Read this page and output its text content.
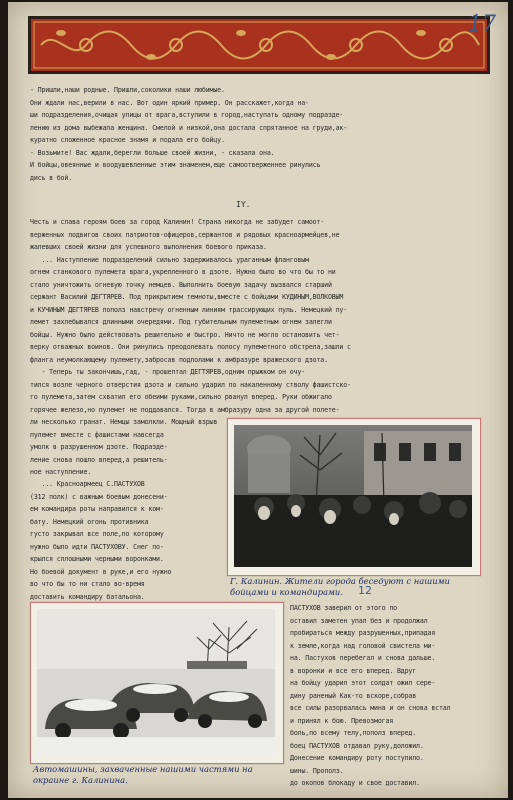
17
- Пришли,наши родные. Пришли,соколики наши любимые.
Они ждали нас,верили в нас. Вот один яркий пример. Он расскажет,когда на-
ши подразделения,очищая улицы от врага,вступили в город,наступать одному подразде-
лению из дома выбежала женщина. Смелой и низкой,она достала спрятанное на груди,ак-
куратно сложенное красное знамя и подала его бойцу.
- Возьмите! Вас ждали,берегли больше своей жизни, - сказала она.
И бойцы,овеянные и воодушевленные этим знаменем,еще самоотверженнее ринулись
дись в бой.
IY.
Честь и слава героям боев за город Калинин! Страна никогда не забудет самоот-
верженных подвигов своих патриотов-офицеров,сержантов и рядовых красноармейцев,не
жалевших своей жизни для успешного выполнения боевого приказа.
... Наступление подразделений сильно задерживалось ураганным фланговым
огнем станкового пулемета врага,укрепленного в дзоте. Нужно было во что бы то ни
стало уничтожить огневую точку немцев. Выполнить боевую задачу вызвался старший
сержант Василий ДЕГТЯРЕВ. Под прикрытием темноты,вместе с бойцами КУДИНЫМ,ВОЛКОВЫМ
и КУЧИНЫМ ДЕГТЯРЕВ пополз навстречу огненным линиям трассирующих пуль. Немецкий пу-
лемет захлебывался длинными очередями. Под губительным пулеметным огнем залегли
бойцы. Нужно было действовать решительно и быстро. Ничто не могло остановить чет-
верку отважных воинов. Они ринулись преодолевать полосу пулеметного обстрела,зашли с
фланга неумолкающему пулемету,забросав подполами к амбразуре вражеского дзота.
- Теперь ты закончишь,гад, - прошептал ДЕГТЯРЕВ,одним прыжком он очу-
тился возле черного отверстия дзота и сильно ударил по накаленному стволу фашистско-
го пулемета,затем схватил его обеими руками,сильно рванул вперед. Руки обжигало
горячее железо,но пулемет не поддавался. Тогда в амбразуру одна за другой полете-
ли несколько гранат. Немцы замолкли. Мощный взрыв
пулемет вместе с фашистами навсегда
умолк в разрушенном дзоте. Подразде-
ление снова пошло вперед,а решитель-
ное наступление.
... Красноармеец С.ПАСТУХОВ
(312 полк) с важным боевым донесени-
ем командира роты направился к ком-
бату. Немецкий огонь противника
густо закрывал все поле,по которому
нужно было идти ПАСТУХОВУ. Снег по-
крылся сплошными черными воронками.
Но боевой документ в руке,и его нужно
во что бы то ни стало во-время
доставить командиру батальона.
ПАСТУХОВ заверил от этого по
оставил заметен упал без и продолжал
пробираться между разрушенных,припадая
к земле,когда над головой свистела ми-
на. Пастухов перебегал и снова дальше.
в воронки и все его вперед. Вдруг
на бойцу ударил этот солдат ожил сере-
дину раненый Как-то вскоре,собрав
все силы разорвалась мина и он снова встал
и принял к бою. Превозмогая
боль,по всему телу,пополз вперед.
боец ПАСТУХОВ отдавал руку,доложил.
Донесение командиру роту поступило.
шины. Прополз.
до окопов блокаду и свое доставил.
Г. Калинин. Жители города беседуют с нашими бойцами и командирами.	12
Автомашины, захваченные нашими частями на окраине г. Калинина.
